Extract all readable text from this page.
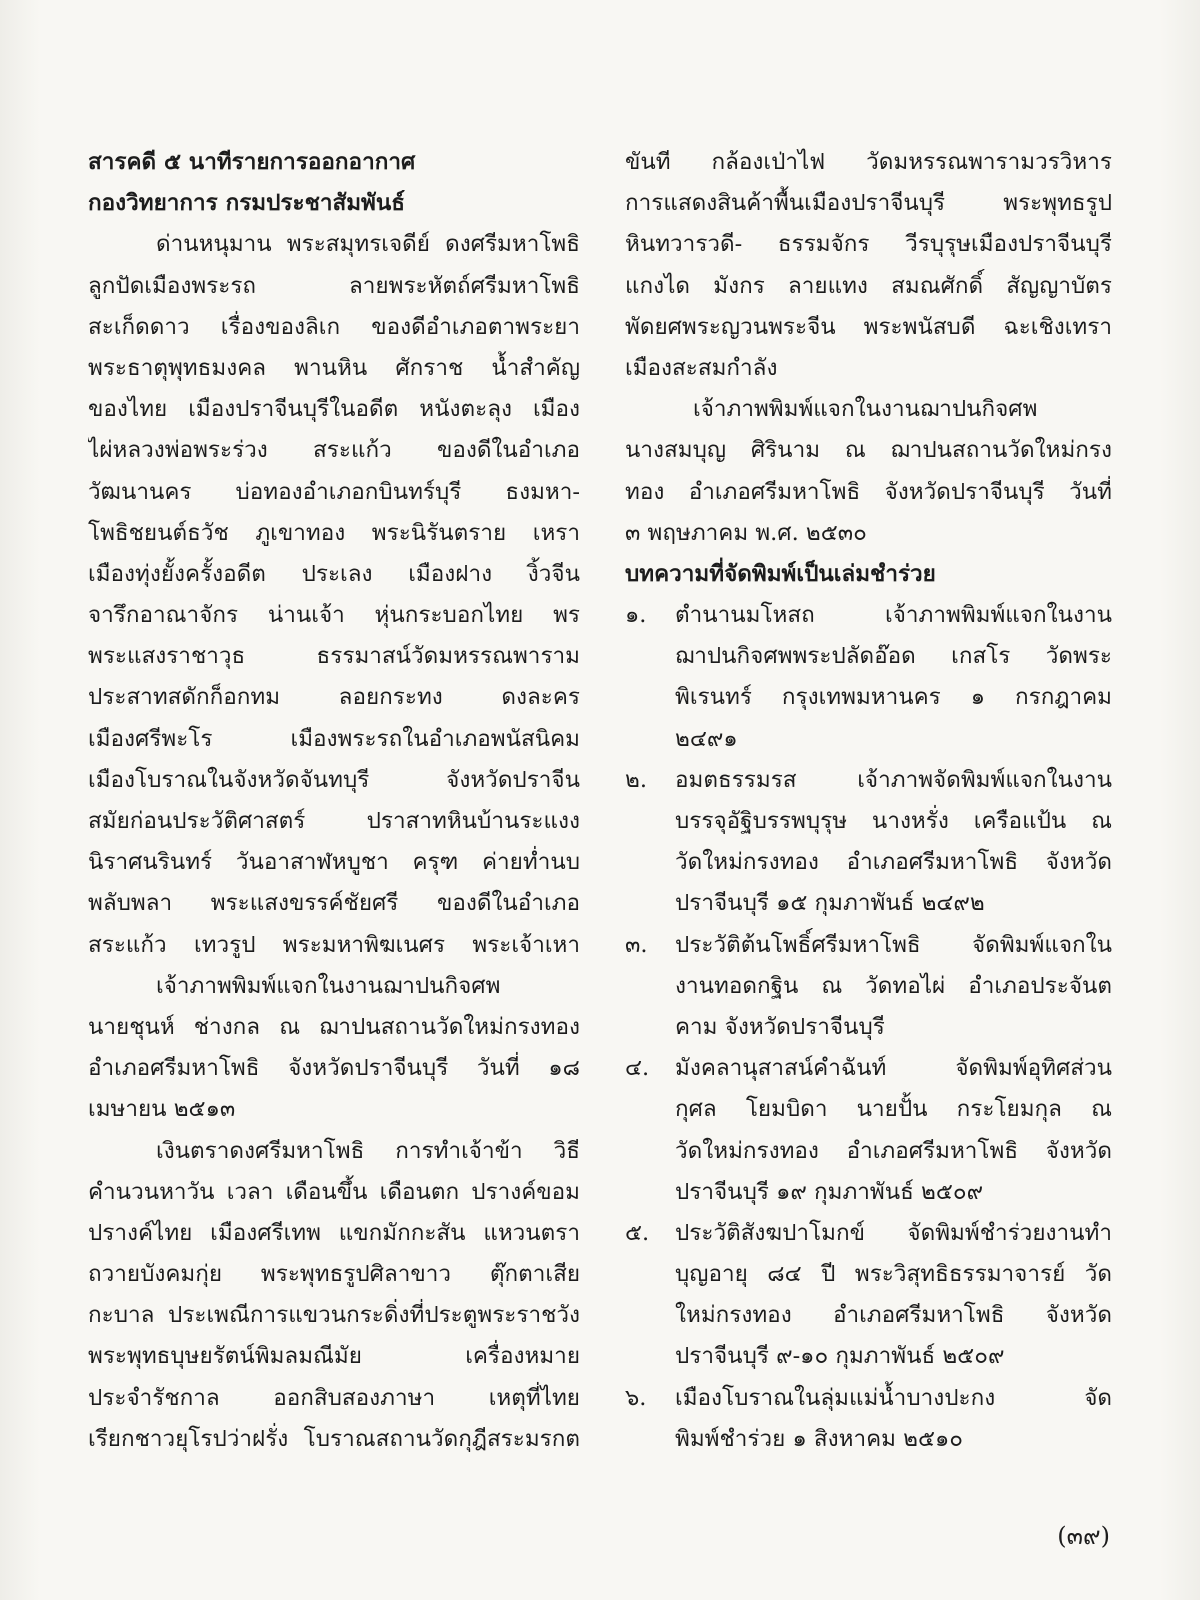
สารคดี ๕ นาทีรายการออกอากาศ
กองวิทยาการ กรมประชาสัมพันธ์
ด่านหนุมาน พระสมุทรเจดีย์ ดงศรีมหาโพธิ
ลูกปัดเมืองพระรถ ลายพระหัตถ์ศรีมหาโพธิ
สะเก็ดดาว เรื่องของลิเก ของดีอำเภอตาพระยา
พระธาตุพุทธมงคล พานหิน ศักราช น้ำสำคัญ
ของไทย เมืองปราจีนบุรีในอดีต หนังตะลุง เมือง
ไผ่หลวงพ่อพระร่วง สระแก้ว ของดีในอำเภอ
วัฒนานคร บ่อทองอำเภอกบินทร์บุรี ธงมหา-
โพธิชยนต์ธวัช ภูเขาทอง พระนิรันตราย เหรา
เมืองทุ่งยั้งครั้งอดีต ประเลง เมืองฝาง งิ้วจีน
จารึกอาณาจักร น่านเจ้า หุ่นกระบอกไทย พร
พระแสงราชาวุธ ธรรมาสน์วัดมหรรณพาราม
ประสาทสดักก็อกทม ลอยกระทง ดงละคร
เมืองศรีพะโร เมืองพระรถในอำเภอพนัสนิคม
เมืองโบราณในจังหวัดจันทบุรี จังหวัดปราจีน
สมัยก่อนประวัติศาสตร์ ปราสาทหินบ้านระแงง
นิราศนรินทร์ วันอาสาฬหบูชา ครุฑ ค่ายท่ำนบ
พลับพลา พระแสงขรรค์ชัยศรี ของดีในอำเภอ
สระแก้ว เทวรูป พระมหาพิฆเนศร พระเจ้าเหา
เจ้าภาพพิมพ์แจกในงานฌาปนกิจศพ
นายชุนห์ ช่างกล ณ ฌาปนสถานวัดใหม่กรงทอง
อำเภอศรีมหาโพธิ จังหวัดปราจีนบุรี วันที่ ๑๘
เมษายน ๒๕๑๓
เงินตราดงศรีมหาโพธิ การทำเจ้าข้า วิธี
คำนวนหาวัน เวลา เดือนขึ้น เดือนตก ปรางค์ขอม
ปรางค์ไทย เมืองศรีเทพ แขกมักกะสัน แหวนตรา
ถวายบังคมกุ่ย พระพุทธรูปศิลาขาว ตุ๊กตาเสีย
กะบาล ประเพณีการแขวนกระดิ่งที่ประตูพระราชวัง
พระพุทธบุษยรัตน์พิมลมณีมัย เครื่องหมาย
ประจำรัชกาล ออกสิบสองภาษา เหตุที่ไทย
เรียกชาวยุโรปว่าฝรั่ง โบราณสถานวัดกุฎีสระมรกต
ขันที กล้องเป่าไฟ วัดมหรรณพารามวรวิหาร
การแสดงสินค้าพื้นเมืองปราจีนบุรี พระพุทธรูป
หินทวารวดี- ธรรมจักร วีรบุรุษเมืองปราจีนบุรี
แกงได มังกร ลายแทง สมณศักดิ์ สัญญาบัตร
พัดยศพระญวนพระจีน พระพนัสบดี ฉะเชิงเทรา
เมืองสะสมกำลัง
เจ้าภาพพิมพ์แจกในงานฌาปนกิจศพ
นางสมบุญ ศิรินาม ณ ฌาปนสถานวัดใหม่กรง
ทอง อำเภอศรีมหาโพธิ จังหวัดปราจีนบุรี วันที่
๓ พฤษภาคม พ.ศ. ๒๕๓๐
บทความที่จัดพิมพ์เป็นเล่มชำร่วย
๑.	ตำนานมโหสถ เจ้าภาพพิมพ์แจกในงาน
ฌาปนกิจศพพระปลัดอ๊อด เกสโร วัดพระ
พิเรนทร์ กรุงเทพมหานคร ๑ กรกฎาคม
๒๔๙๑
๒.	อมตธรรมรส เจ้าภาพจัดพิมพ์แจกในงาน
บรรจุอัฐิบรรพบุรุษ นางหรั่ง เครือแป้น ณ
วัดใหม่กรงทอง อำเภอศรีมหาโพธิ จังหวัด
ปราจีนบุรี ๑๕ กุมภาพันธ์ ๒๔๙๒
๓.	ประวัติต้นโพธิ์ศรีมหาโพธิ จัดพิมพ์แจกใน
งานทอดกฐิน ณ วัดทอไผ่ อำเภอประจันต
คาม จังหวัดปราจีนบุรี
๔.	มังคลานุสาสน์คำฉันท์ จัดพิมพ์อุทิศส่วน
กุศล โยมบิดา นายปั้น กระโยมกุล ณ
วัดใหม่กรงทอง อำเภอศรีมหาโพธิ จังหวัด
ปราจีนบุรี ๑๙ กุมภาพันธ์ ๒๕๐๙
๕.	ประวัติสังฆปาโมกข์ จัดพิมพ์ชำร่วยงานทำ
บุญอายุ ๘๔ ปี พระวิสุทธิธรรมาจารย์ วัด
ใหม่กรงทอง อำเภอศรีมหาโพธิ จังหวัด
ปราจีนบุรี ๙-๑๐ กุมภาพันธ์ ๒๕๐๙
๖.	เมืองโบราณในลุ่มแม่น้ำบางปะกง จัด
พิมพ์ชำร่วย ๑ สิงหาคม ๒๕๑๐
(๓๙)
